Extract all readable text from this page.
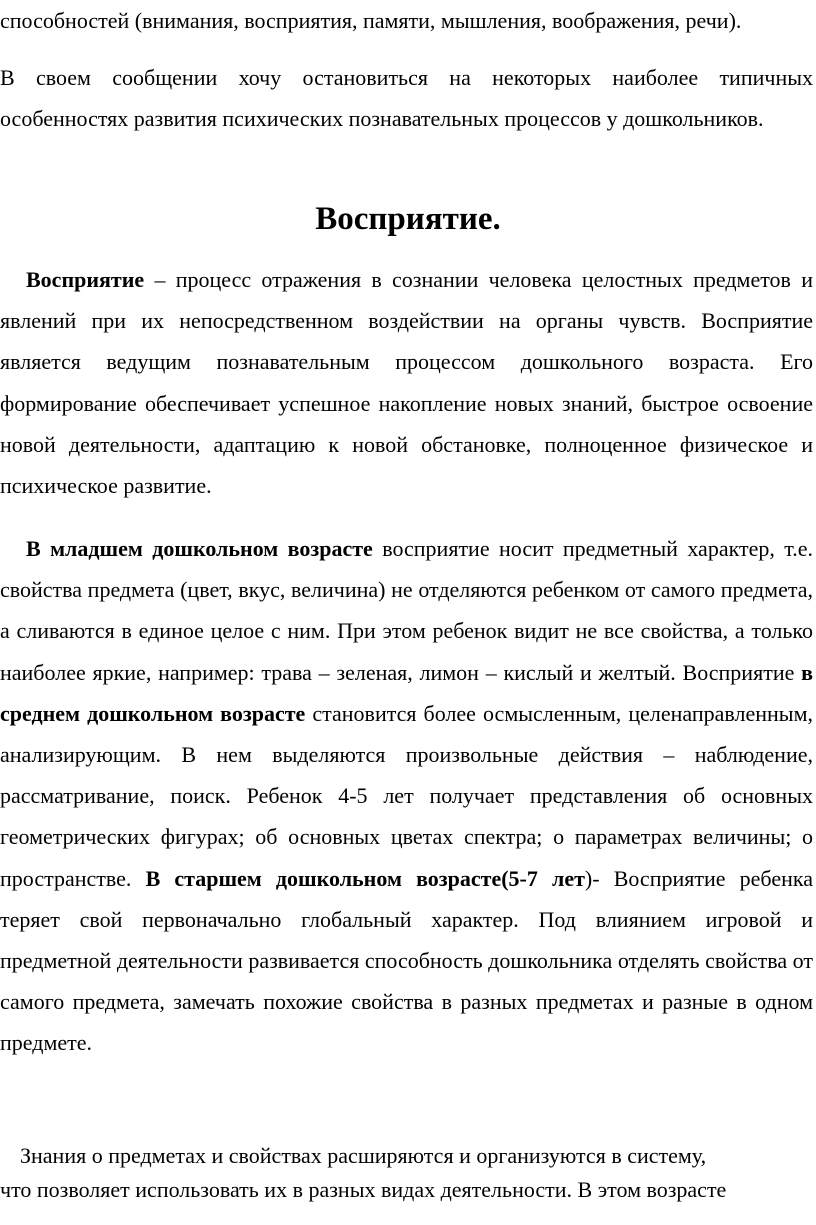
способностей (внимания, восприятия, памяти, мышления, воображения, речи).

В своем сообщении хочу остановиться на некоторых наиболее типичных особенностях развития психических познавательных процессов у дошкольников.

Восприятие.

Восприятие – процесс отражения в сознании человека целостных предметов и явлений при их непосредственном воздействии на органы чувств. Восприятие является ведущим познавательным процессом дошкольного возраста. Его формирование обеспечивает успешное накопление новых знаний, быстрое освоение новой деятельности, адаптацию к новой обстановке, полноценное физическое и психическое развитие.

В младшем дошкольном возрасте восприятие носит предметный характер, т.е. свойства предмета (цвет, вкус, величина) не отделяются ребенком от самого предмета, а сливаются в единое целое с ним. При этом ребенок видит не все свойства, а только наиболее яркие, например: трава – зеленая, лимон – кислый и желтый. Восприятие в среднем дошкольном возрасте становится более осмысленным, целенаправленным, анализирующим. В нем выделяются произвольные действия – наблюдение, рассматривание, поиск. Ребенок 4-5 лет получает представления об основных геометрических фигурах; об основных цветах спектра; о параметрах величины; о пространстве. В старшем дошкольном возрасте(5-7 лет)- Восприятие ребенка теряет свой первоначально глобальный характер. Под влиянием игровой и предметной деятельности развивается способность дошкольника отделять свойства от самого предмета, замечать похожие свойства в разных предметах и разные в одном предмете.

Знания о предметах и свойствах расширяются и организуются в систему,
что позволяет использовать их в разных видах деятельности. В этом возрасте
